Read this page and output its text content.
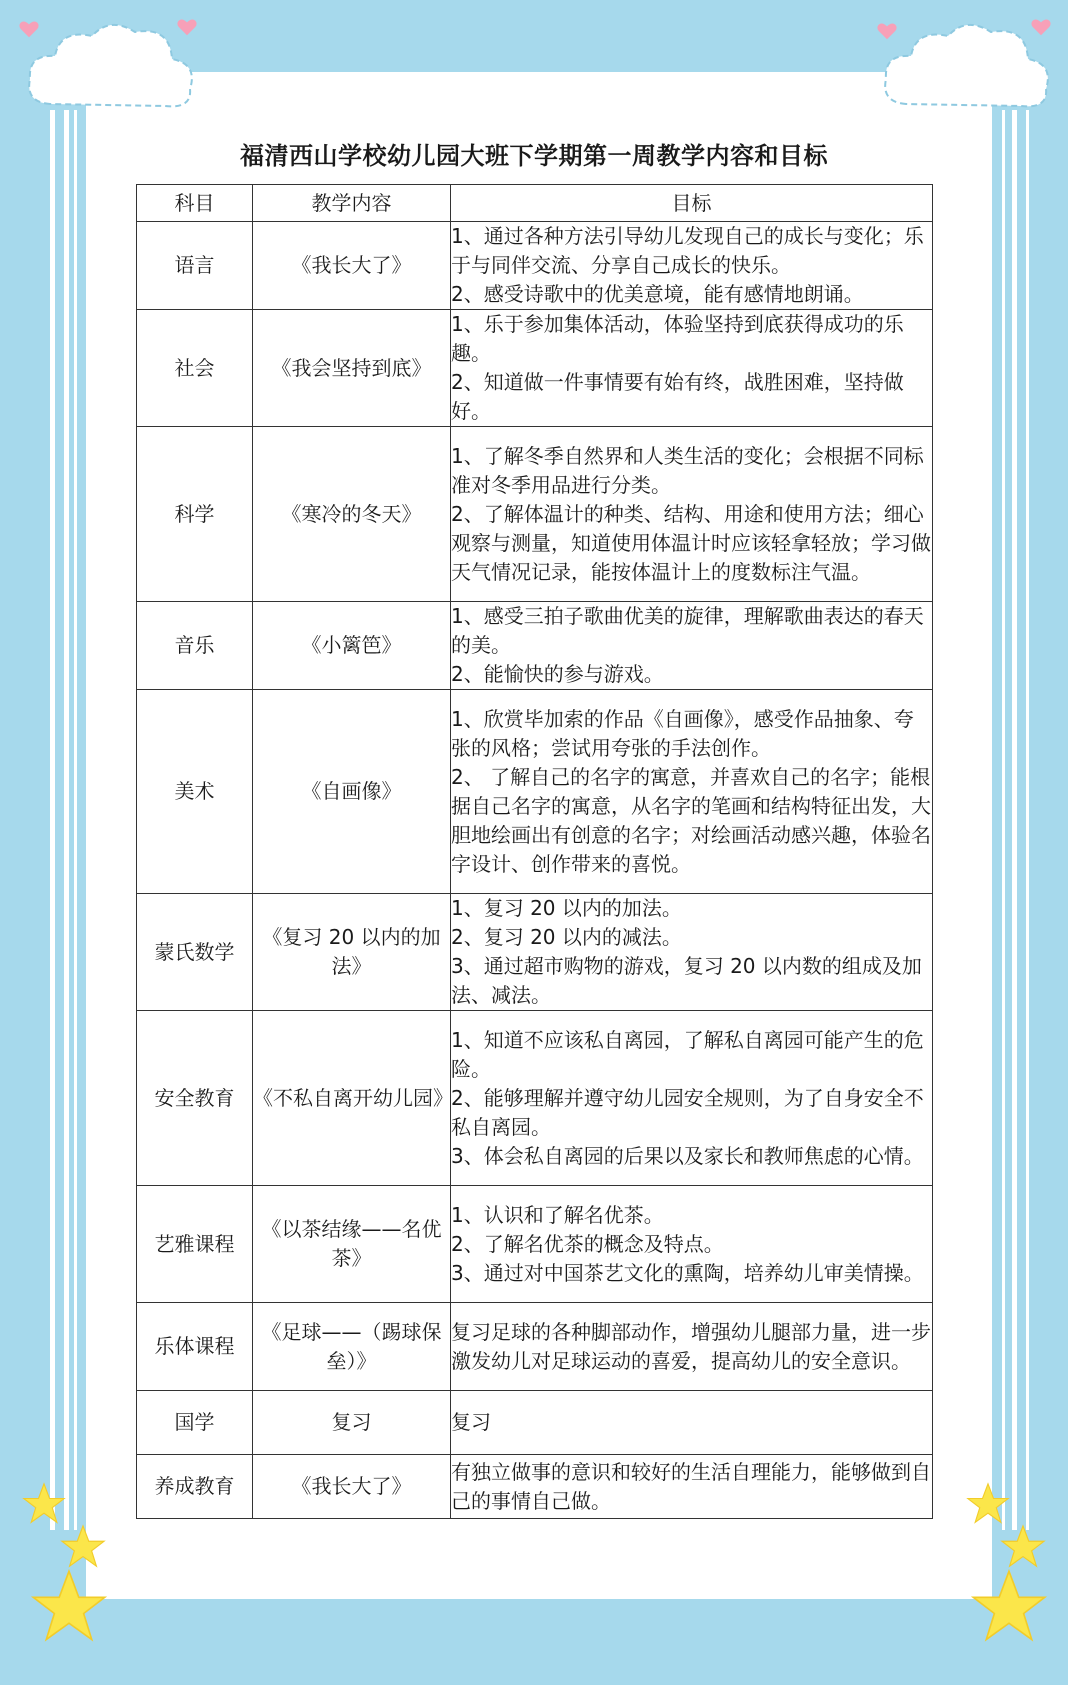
福清西山学校幼儿园大班下学期第一周教学内容和目标
科目	教学内容	目标
语言	《我长大了》	1、通过各种方法引导幼儿发现自己的成长与变化；乐于与同伴交流、分享自己成长的快乐。
2、感受诗歌中的优美意境，能有感情地朗诵。

社会	《我会坚持到底》	1、乐于参加集体活动，体验坚持到底获得成功的乐趣。
2、知道做一件事情要有始有终，战胜困难，坚持做好。

科学	《寒冷的冬天》	1、了解冬季自然界和人类生活的变化；会根据不同标准对冬季用品进行分类。
2、了解体温计的种类、结构、用途和使用方法；细心观察与测量，知道使用体温计时应该轻拿轻放；学习做天气情况记录，能按体温计上的度数标注气温。

音乐	《小篱笆》	1、感受三拍子歌曲优美的旋律，理解歌曲表达的春天的美。
2、能愉快的参与游戏。

美术	《自画像》	1、欣赏毕加索的作品《自画像》，感受作品抽象、夸张的风格；尝试用夸张的手法创作。
2、 了解自己的名字的寓意，并喜欢自己的名字；能根据自己名字的寓意，从名字的笔画和结构特征出发，大胆地绘画出有创意的名字；对绘画活动感兴趣，体验名字设计、创作带来的喜悦。

蒙氏数学	《复习 20 以内的加法》	1、复习 20 以内的加法。
2、复习 20 以内的减法。
3、通过超市购物的游戏，复习 20 以内数的组成及加法、减法。

安全教育	《不私自离开幼儿园》	1、知道不应该私自离园，了解私自离园可能产生的危险。
2、能够理解并遵守幼儿园安全规则，为了自身安全不私自离园。
3、体会私自离园的后果以及家长和教师焦虑的心情。

艺雅课程	《以茶结缘——名优茶》	1、认识和了解名优茶。
2、了解名优茶的概念及特点。
3、通过对中国茶艺文化的熏陶，培养幼儿审美情操。

乐体课程	《足球——（踢球保垒）》	复习足球的各种脚部动作，增强幼儿腿部力量，进一步激发幼儿对足球运动的喜爱，提高幼儿的安全意识。

国学	复习	复习

养成教育	《我长大了》	有独立做事的意识和较好的生活自理能力，能够做到自己的事情自己做。
